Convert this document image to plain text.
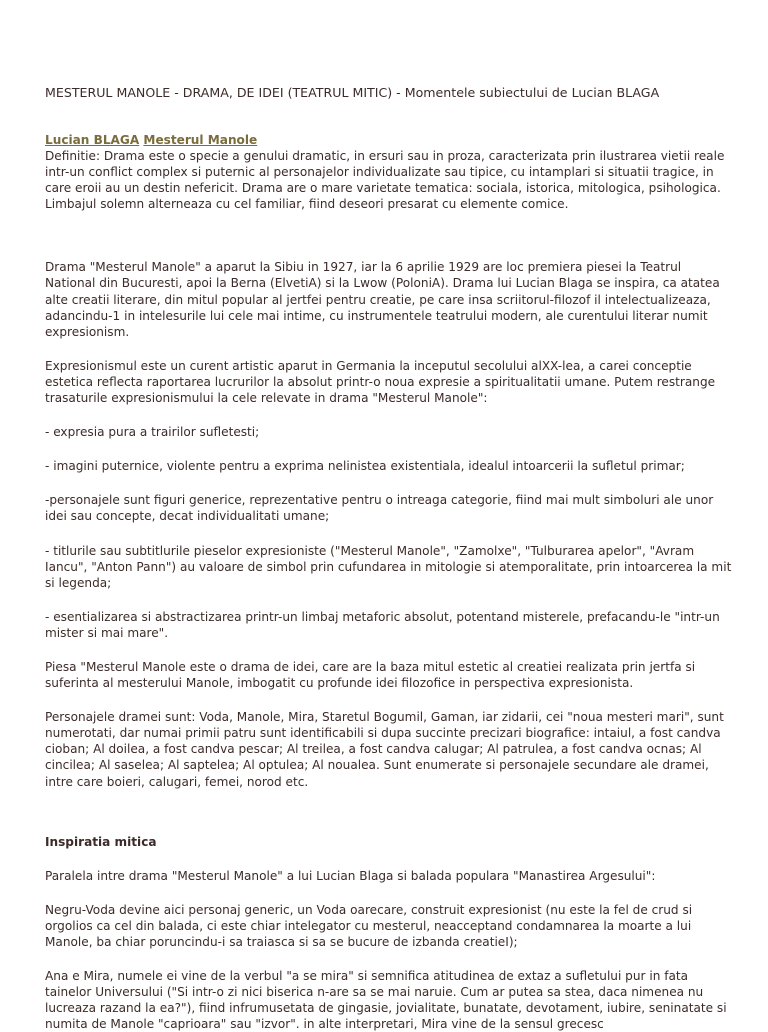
MESTERUL MANOLE - DRAMA, DE IDEI (TEATRUL MITIC) - Momentele subiectului de Lucian BLAGA
Lucian BLAGA Mesterul Manole

Definitie: Drama este o specie a genului dramatic, in ersuri sau in proza, caracterizata prin ilustrarea vietii reale intr-un conflict complex si puternic al personajelor individualizate sau tipice, cu intamplari si situatii tragice, in care eroii au un destin nefericit. Drama are o mare varietate tematica: sociala, istorica, mitologica, psihologica. Limbajul solemn alterneaza cu cel familiar, fiind deseori presarat cu elemente comice.

Drama "Mesterul Manole" a aparut la Sibiu in 1927, iar la 6 aprilie 1929 are loc premiera piesei la Teatrul National din Bucuresti, apoi la Berna (ElvetiA) si la Lwow (PoloniA). Drama lui Lucian Blaga se inspira, ca atatea alte creatii literare, din mitul popular al jertfei pentru creatie, pe care insa scriitorul-filozof il intelectualizeaza, adancindu-1 in intelesurile lui cele mai intime, cu instrumentele teatrului modern, ale curentului literar numit expresionism.

Expresionismul este un curent artistic aparut in Germania la inceputul secolului alXX-lea, a carei conceptie estetica reflecta raportarea lucrurilor la absolut printr-o noua expresie a spiritualitatii umane. Putem restrange trasaturile expresionismului la cele relevate in drama "Mesterul Manole":

- expresia pura a trairilor sufletesti;

- imagini puternice, violente pentru a exprima nelinistea existentiala, idealul intoarcerii la sufletul primar;

-personajele sunt figuri generice, reprezentative pentru o intreaga categorie, fiind mai mult simboluri ale unor idei sau concepte, decat individualitati umane;

- titlurile sau subtitlurile pieselor expresioniste ("Mesterul Manole", "Zamolxe", "Tulburarea apelor", "Avram Iancu", "Anton Pann") au valoare de simbol prin cufundarea in mitologie si atemporalitate, prin intoarcerea la mit si legenda;

- esentializarea si abstractizarea printr-un limbaj metaforic absolut, potentand misterele, prefacandu-le "intr-un mister si mai mare".

Piesa "Mesterul Manole este o drama de idei, care are la baza mitul estetic al creatiei realizata prin jertfa si suferinta al mesterului Manole, imbogatit cu profunde idei filozofice in perspectiva expresionista.

Personajele dramei sunt: Voda, Manole, Mira, Staretul Bogumil, Gaman, iar zidarii, cei "noua mesteri mari", sunt numerotati, dar numai primii patru sunt identificabili si dupa succinte precizari biografice: intaiul, a fost candva cioban; Al doilea, a fost candva pescar; Al treilea, a fost candva calugar; Al patrulea, a fost candva ocnas; Al cincilea; Al saselea; Al saptelea; Al optulea; Al noualea. Sunt enumerate si personajele secundare ale dramei, intre care boieri, calugari, femei, norod etc.

Inspiratia mitica

Paralela intre drama "Mesterul Manole" a lui Lucian Blaga si balada populara "Manastirea Argesului":

Negru-Voda devine aici personaj generic, un Voda oarecare, construit expresionist (nu este la fel de crud si orgolios ca cel din balada, ci este chiar intelegator cu mesterul, neacceptand condamnarea la moarte a lui Manole, ba chiar poruncindu-i sa traiasca si sa se bucure de izbanda creatieI);

Ana e Mira, numele ei vine de la verbul "a se mira" si semnifica atitudinea de extaz a sufletului pur in fata tainelor Universului ("Si intr-o zi nici biserica n-are sa se mai naruie. Cum ar putea sa stea, daca nimenea nu lucreaza razand la ea?"), fiind infrumusetata de gingasie, jovialitate, bunatate, devotament, iubire, seninatate si numita de Manole "caprioara" sau "izvor". in alte interpretari, Mira vine de la sensul grecesc
